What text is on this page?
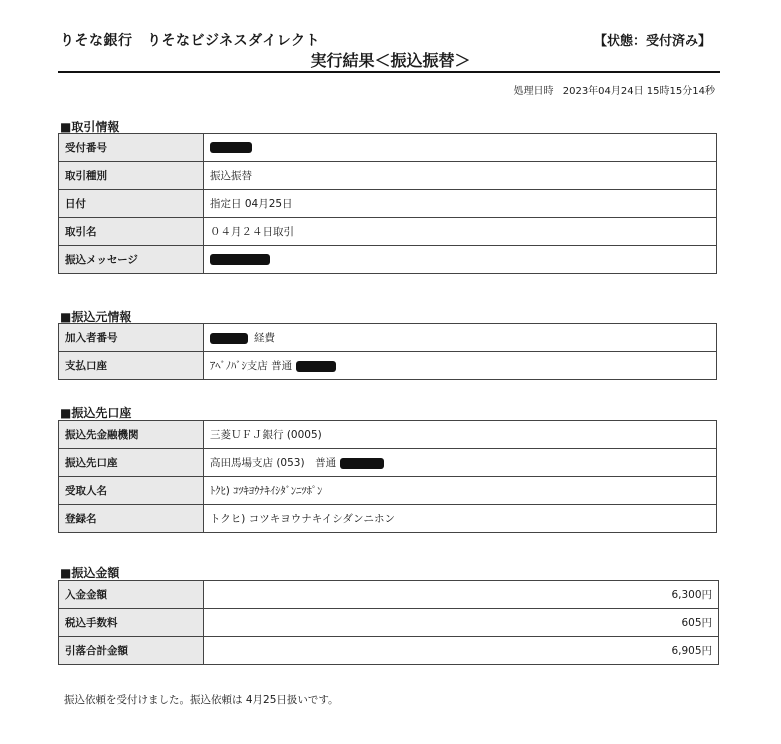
りそな銀行　りそなビジネスダイレクト	【状態：受付済み】
実行結果＜振込振替＞
処理日時 2023年04月24日 15時15分14秒
■取引情報
受付番号	
取引種別	振込振替
日付	指定日 04月25日
取引名	０４月２４日取引
振込メッセージ	
■振込元情報
加入者番号	経費
支払口座	ｱﾍﾞﾉﾊﾞｼ支店 普通
■振込先口座
振込先金融機関	三菱ＵＦＪ銀行 (0005)
振込先口座	高田馬場支店 (053)　普通
受取人名	ﾄｸﾋ) ｺﾂｷﾖｳﾅｷｲｼﾀﾞﾝﾆﾂﾎﾟﾝ
登録名	トクヒ) コツキヨウナキイシダンニホン
■振込金額
入金金額	6,300円
税込手数料	605円
引落合計金額	6,905円
振込依頼を受付けました。振込依頼は 4月25日扱いです。
